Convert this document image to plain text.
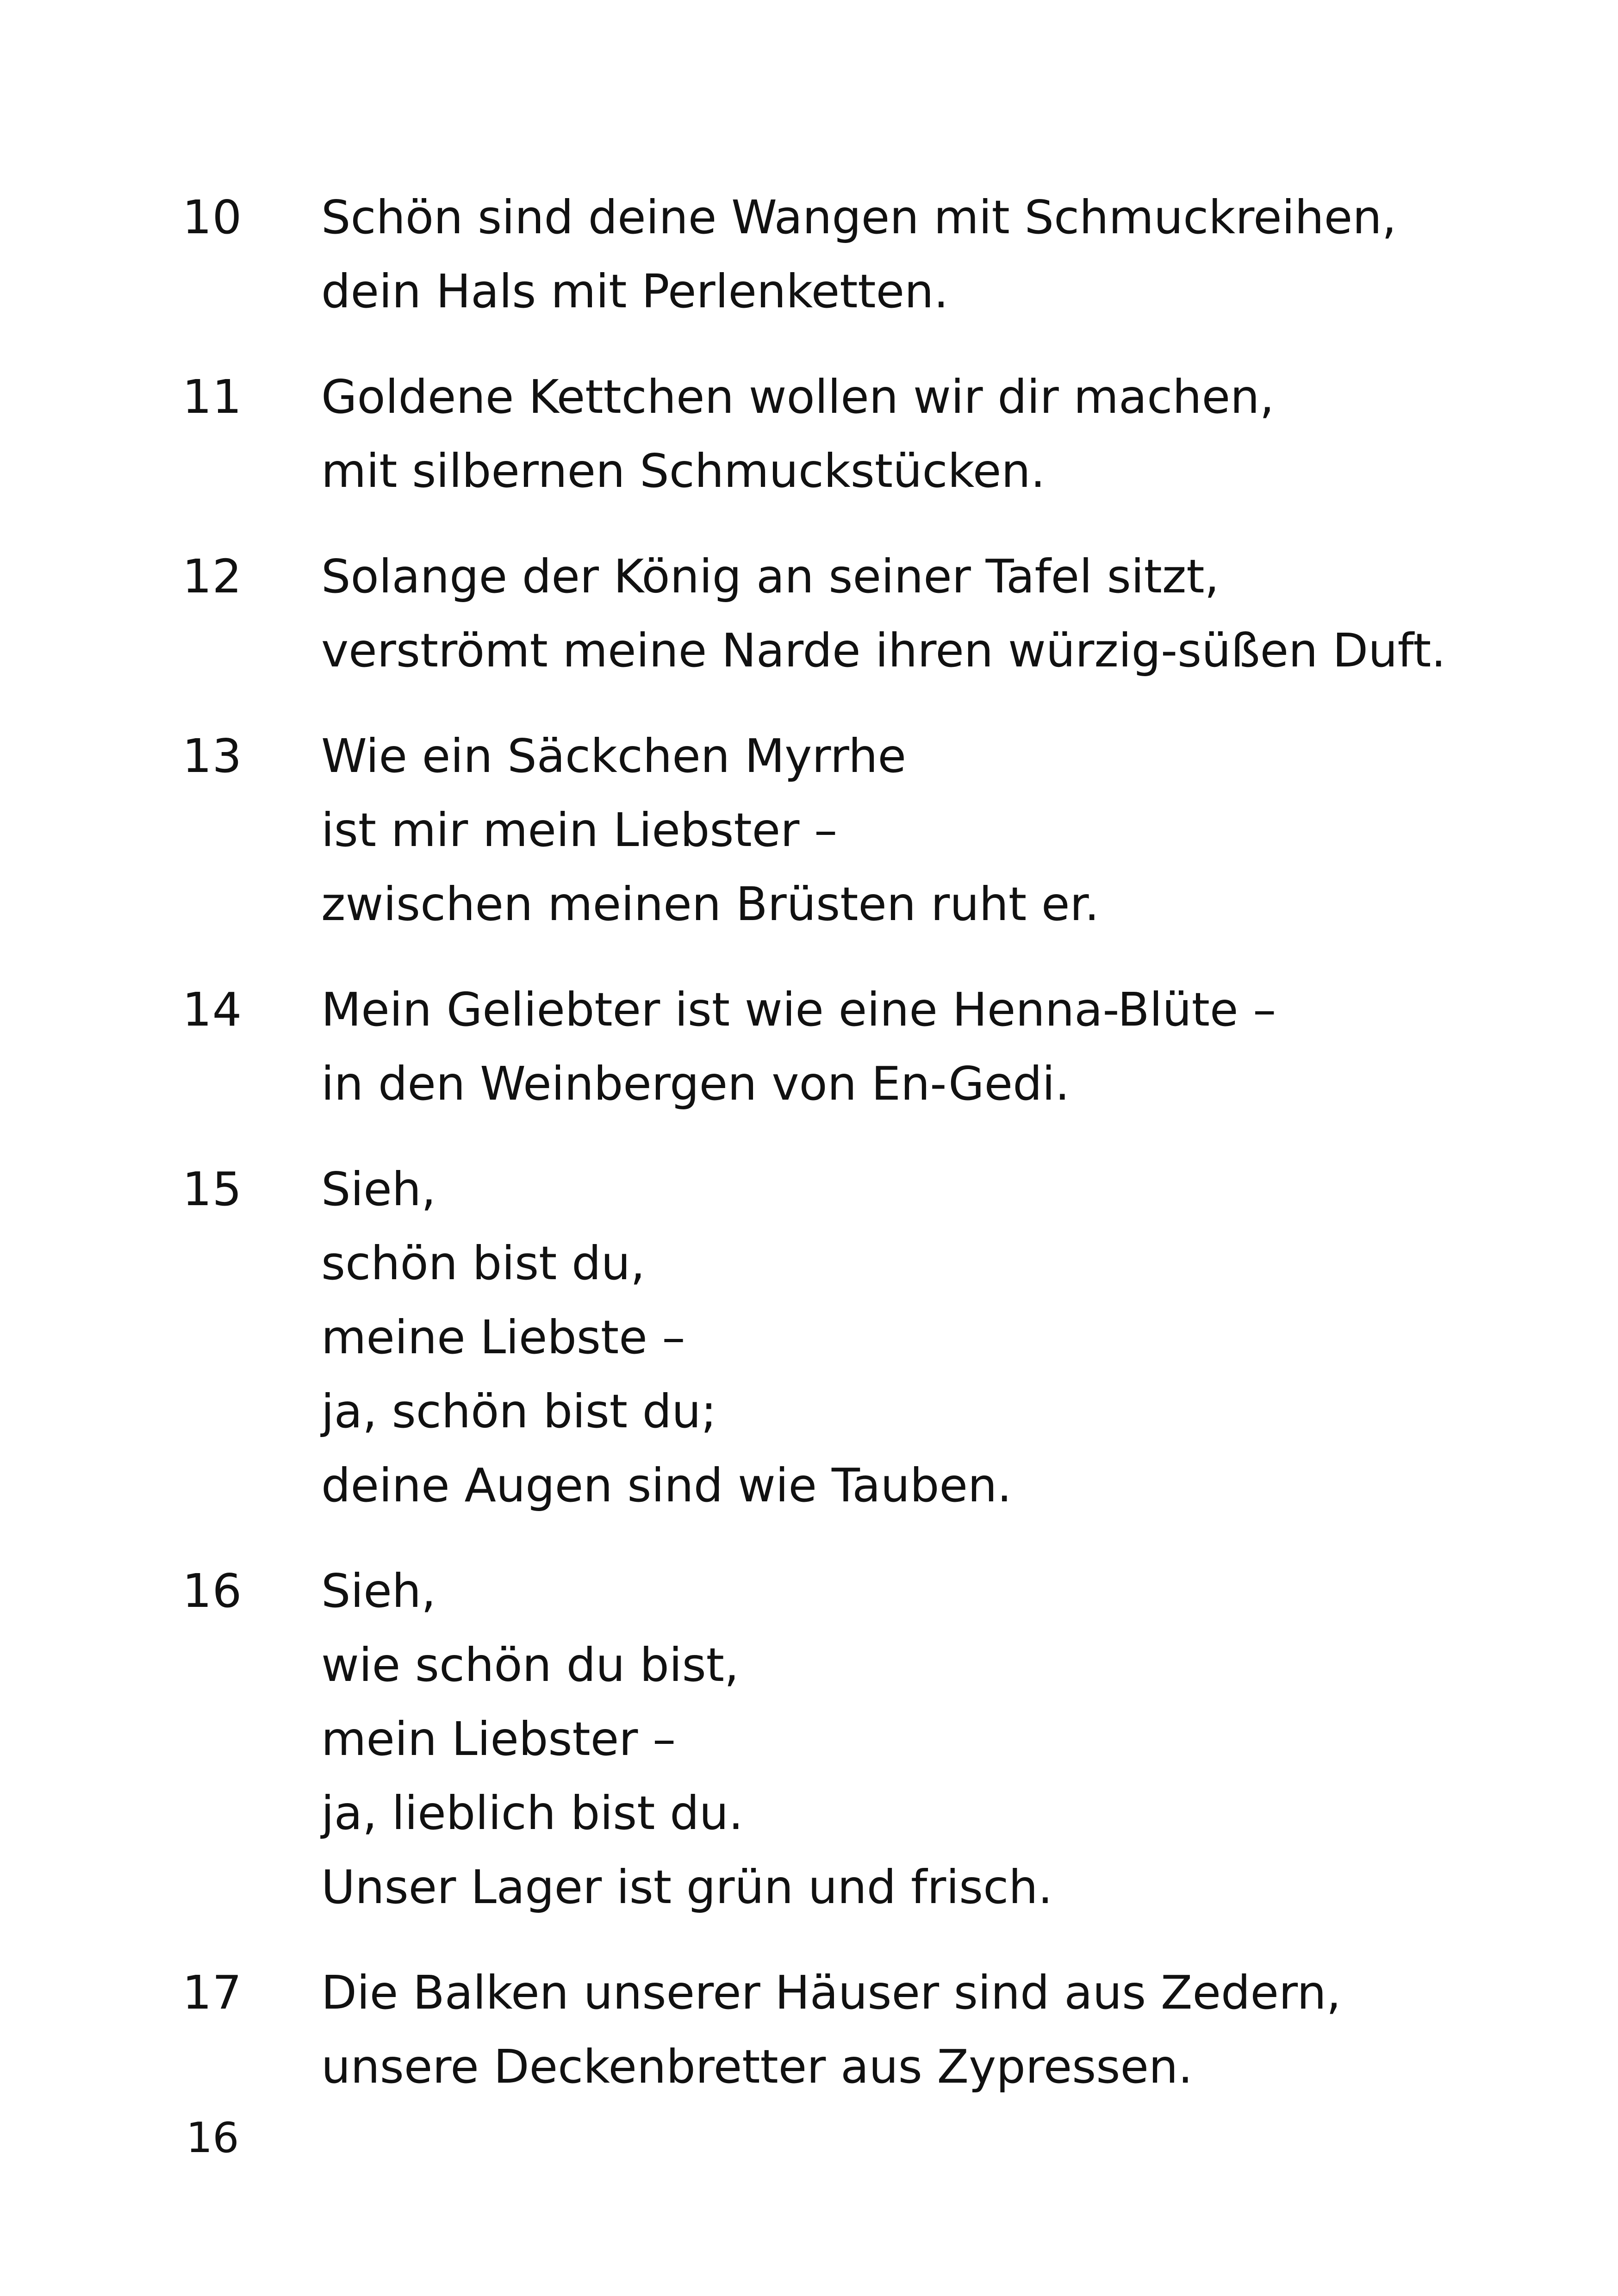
10 Schön sind deine Wangen mit Schmuckreihen,
dein Hals mit Perlenketten.
11 Goldene Kettchen wollen wir dir machen,
mit silbernen Schmuckstücken.
12 Solange der König an seiner Tafel sitzt,
verströmt meine Narde ihren würzig-süßen Duft.
13 Wie ein Säckchen Myrrhe
ist mir mein Liebster –
zwischen meinen Brüsten ruht er.
14 Mein Geliebter ist wie eine Henna-Blüte –
in den Weinbergen von En-Gedi.
15 Sieh,
schön bist du,
meine Liebste –
ja, schön bist du;
deine Augen sind wie Tauben.
16 Sieh,
wie schön du bist,
mein Liebster –
ja, lieblich bist du.
Unser Lager ist grün und frisch.
17 Die Balken unserer Häuser sind aus Zedern,
unsere Deckenbretter aus Zypressen.
16
